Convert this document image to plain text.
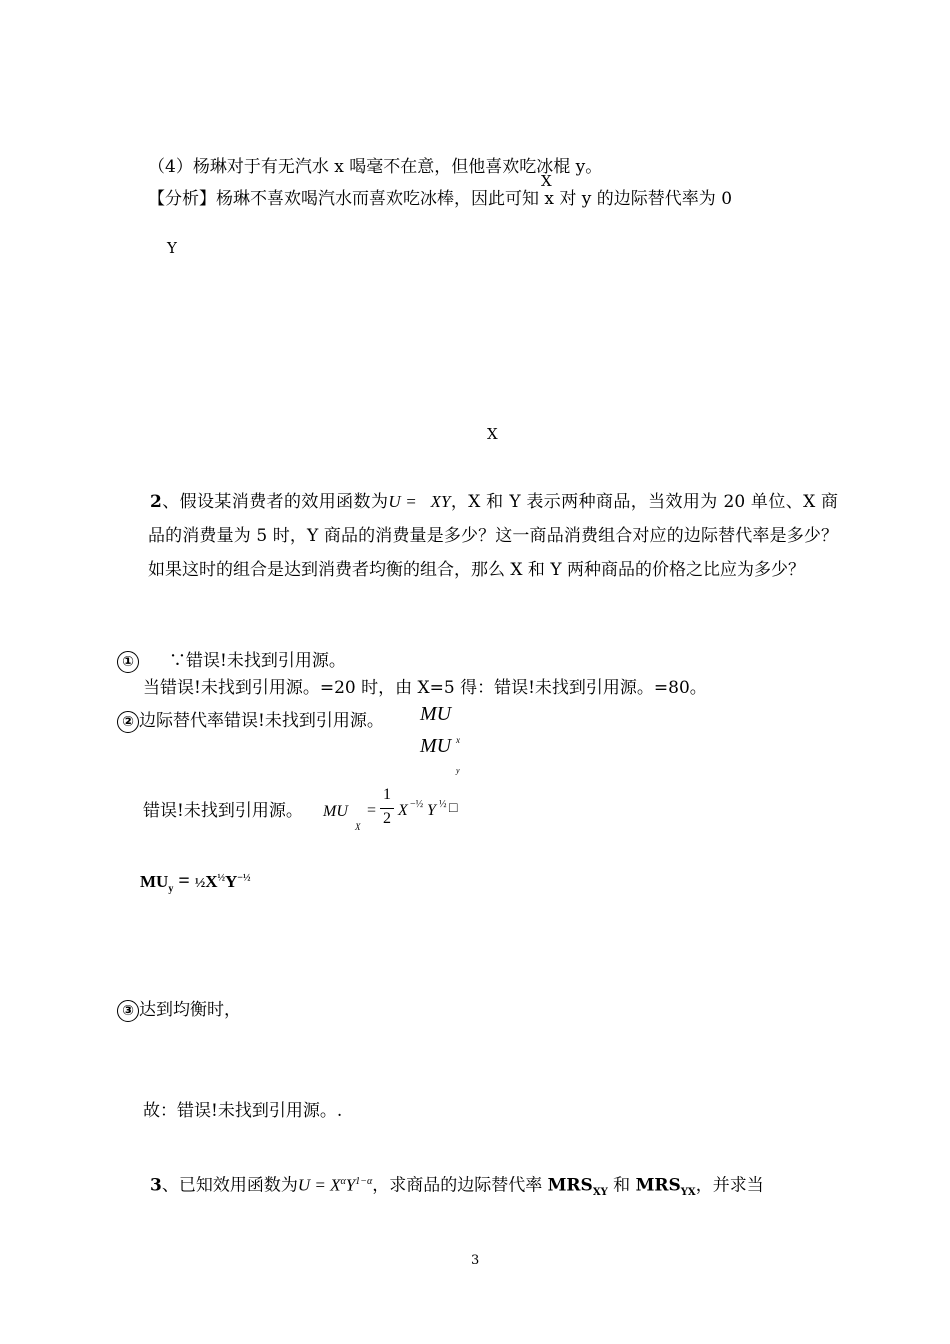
（4）杨琳对于有无汽水 x 喝毫不在意，但他喜欢吃冰棍 y。
X
【分析】杨琳不喜欢喝汽水而喜欢吃冰棒，因此可知 x 对 y 的边际替代率为 0
Y
X
2、假设某消费者的效用函数为U =   XY，X 和 Y 表示两种商品，当效用为 20 单位、X 商品的消费量为 5 时，Y 商品的消费量是多少？这一商品消费组合对应的边际替代率是多少？如果这时的组合是达到消费者均衡的组合，那么 X 和 Y 两种商品的价格之比应为多少？
① ∵错误!未找到引用源。
当错误!未找到引用源。=20 时，由 X=5 得：错误!未找到引用源。=80。
② 边际替代率错误!未找到引用源。 MU
MU x
y
错误!未找到引用源。 MU
X
=
1
2 X −½ Y ½ □
$MU_y$ = $\frac{1}{2}X^{\frac{1}{2}}Y^{-\frac{1}{2}}$
③ 达到均衡时，
故：错误!未找到引用源。.
3、已知效用函数为$U = X^\alpha Y^{1-\alpha}$，求商品的边际替代率 $MRS_{XY}$ 和 $MRS_{YX}$，并求当
3
